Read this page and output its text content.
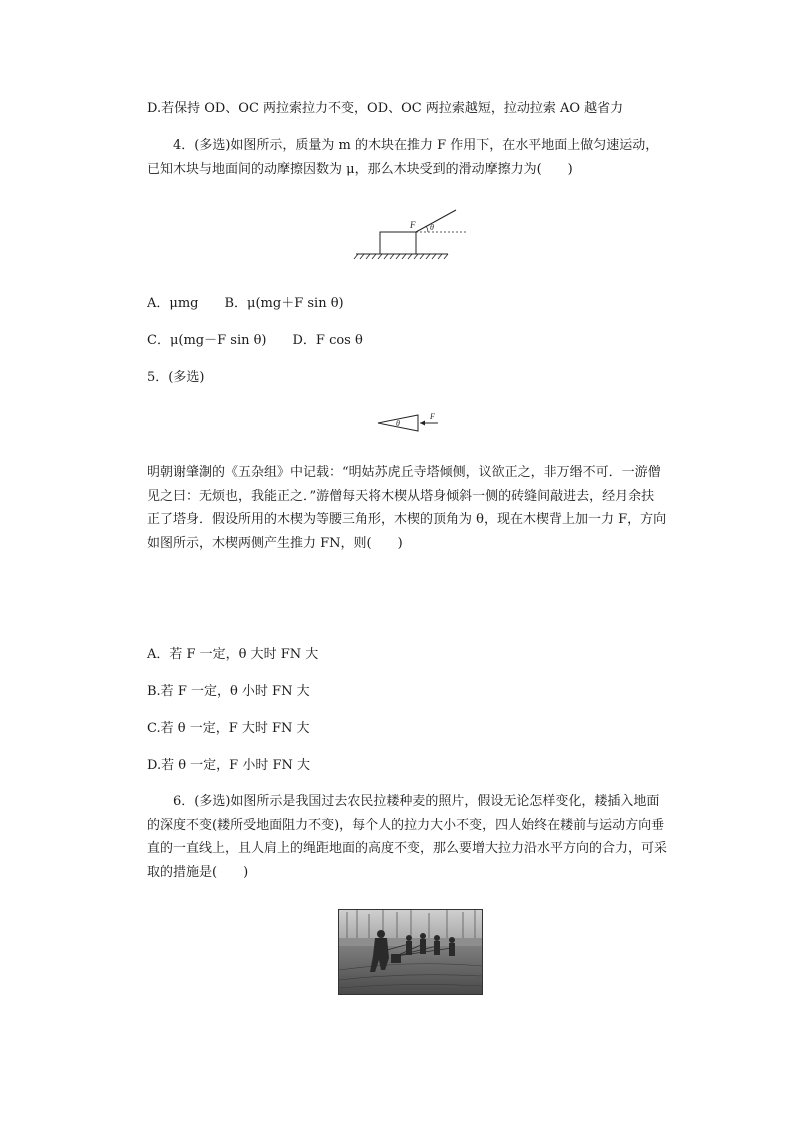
D.若保持 OD、OC 两拉索拉力不变，OD、OC 两拉索越短，拉动拉索 AO 越省力
4．(多选)如图所示，质量为 m 的木块在推力 F 作用下，在水平地面上做匀速运动，已知木块与地面间的动摩擦因数为 μ，那么木块受到的滑动摩擦力为(　　)
F θ
A．μmg　　B．μ(mg＋F sin θ)
C．μ(mg－F sin θ)　　D．F cos θ
5．(多选)
θ
F
明朝谢肇淛的《五杂组》中记载：“明姑苏虎丘寺塔倾侧，议欲正之，非万缗不可．一游僧见之曰：无烦也，我能正之．”游僧每天将木楔从塔身倾斜一侧的砖缝间敲进去，经月余扶正了塔身．假设所用的木楔为等腰三角形，木楔的顶角为 θ，现在木楔背上加一力 F，方向如图所示，木楔两侧产生推力 FN，则(　　)
A．若 F 一定，θ 大时 FN 大
B.若 F 一定，θ 小时 FN 大
C.若 θ 一定，F 大时 FN 大
D.若 θ 一定，F 小时 FN 大
6．(多选)如图所示是我国过去农民拉耧种麦的照片，假设无论怎样变化，耧插入地面的深度不变(耧所受地面阻力不变)，每个人的拉力大小不变，四人始终在耧前与运动方向垂直的一直线上，且人肩上的绳距地面的高度不变，那么要增大拉力沿水平方向的合力，可采取的措施是(　　)
